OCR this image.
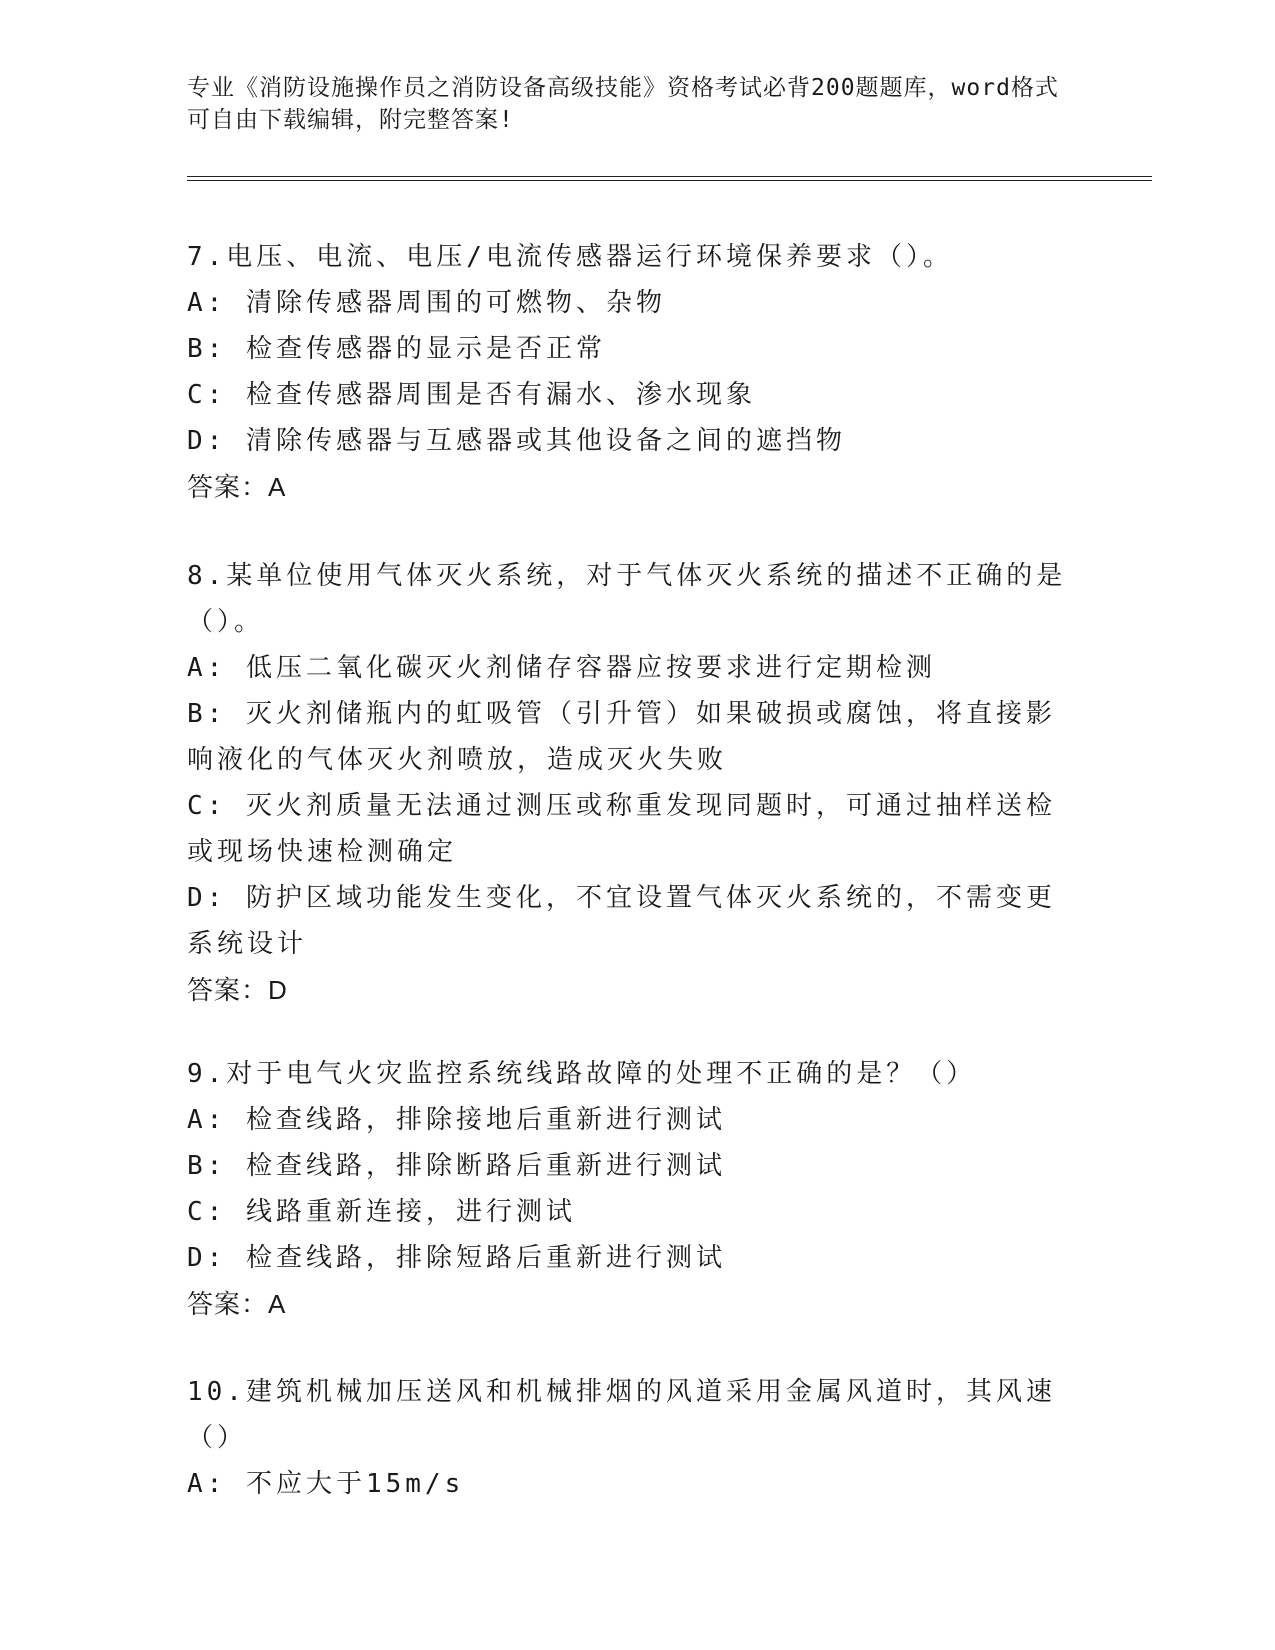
专业《消防设施操作员之消防设备高级技能》资格考试必背200题题库，word格式可自由下载编辑，附完整答案!
7.电压、电流、电压/电流传感器运行环境保养要求（）。
A: 清除传感器周围的可燃物、杂物
B: 检查传感器的显示是否正常
C: 检查传感器周围是否有漏水、渗水现象
D: 清除传感器与互感器或其他设备之间的遮挡物
答案：A
8.某单位使用气体灭火系统，对于气体灭火系统的描述不正确的是（）。
A: 低压二氧化碳灭火剂储存容器应按要求进行定期检测
B: 灭火剂储瓶内的虹吸管（引升管）如果破损或腐蚀，将直接影响液化的气体灭火剂喷放，造成灭火失败
C: 灭火剂质量无法通过测压或称重发现同题时，可通过抽样送检或现场快速检测确定
D: 防护区域功能发生变化，不宜设置气体灭火系统的，不需变更系统设计
答案：D
9.对于电气火灾监控系统线路故障的处理不正确的是？（）
A: 检查线路，排除接地后重新进行测试
B: 检查线路，排除断路后重新进行测试
C: 线路重新连接，进行测试
D: 检查线路，排除短路后重新进行测试
答案：A
10.建筑机械加压送风和机械排烟的风道采用金属风道时，其风速（）
A: 不应大于15m/s
